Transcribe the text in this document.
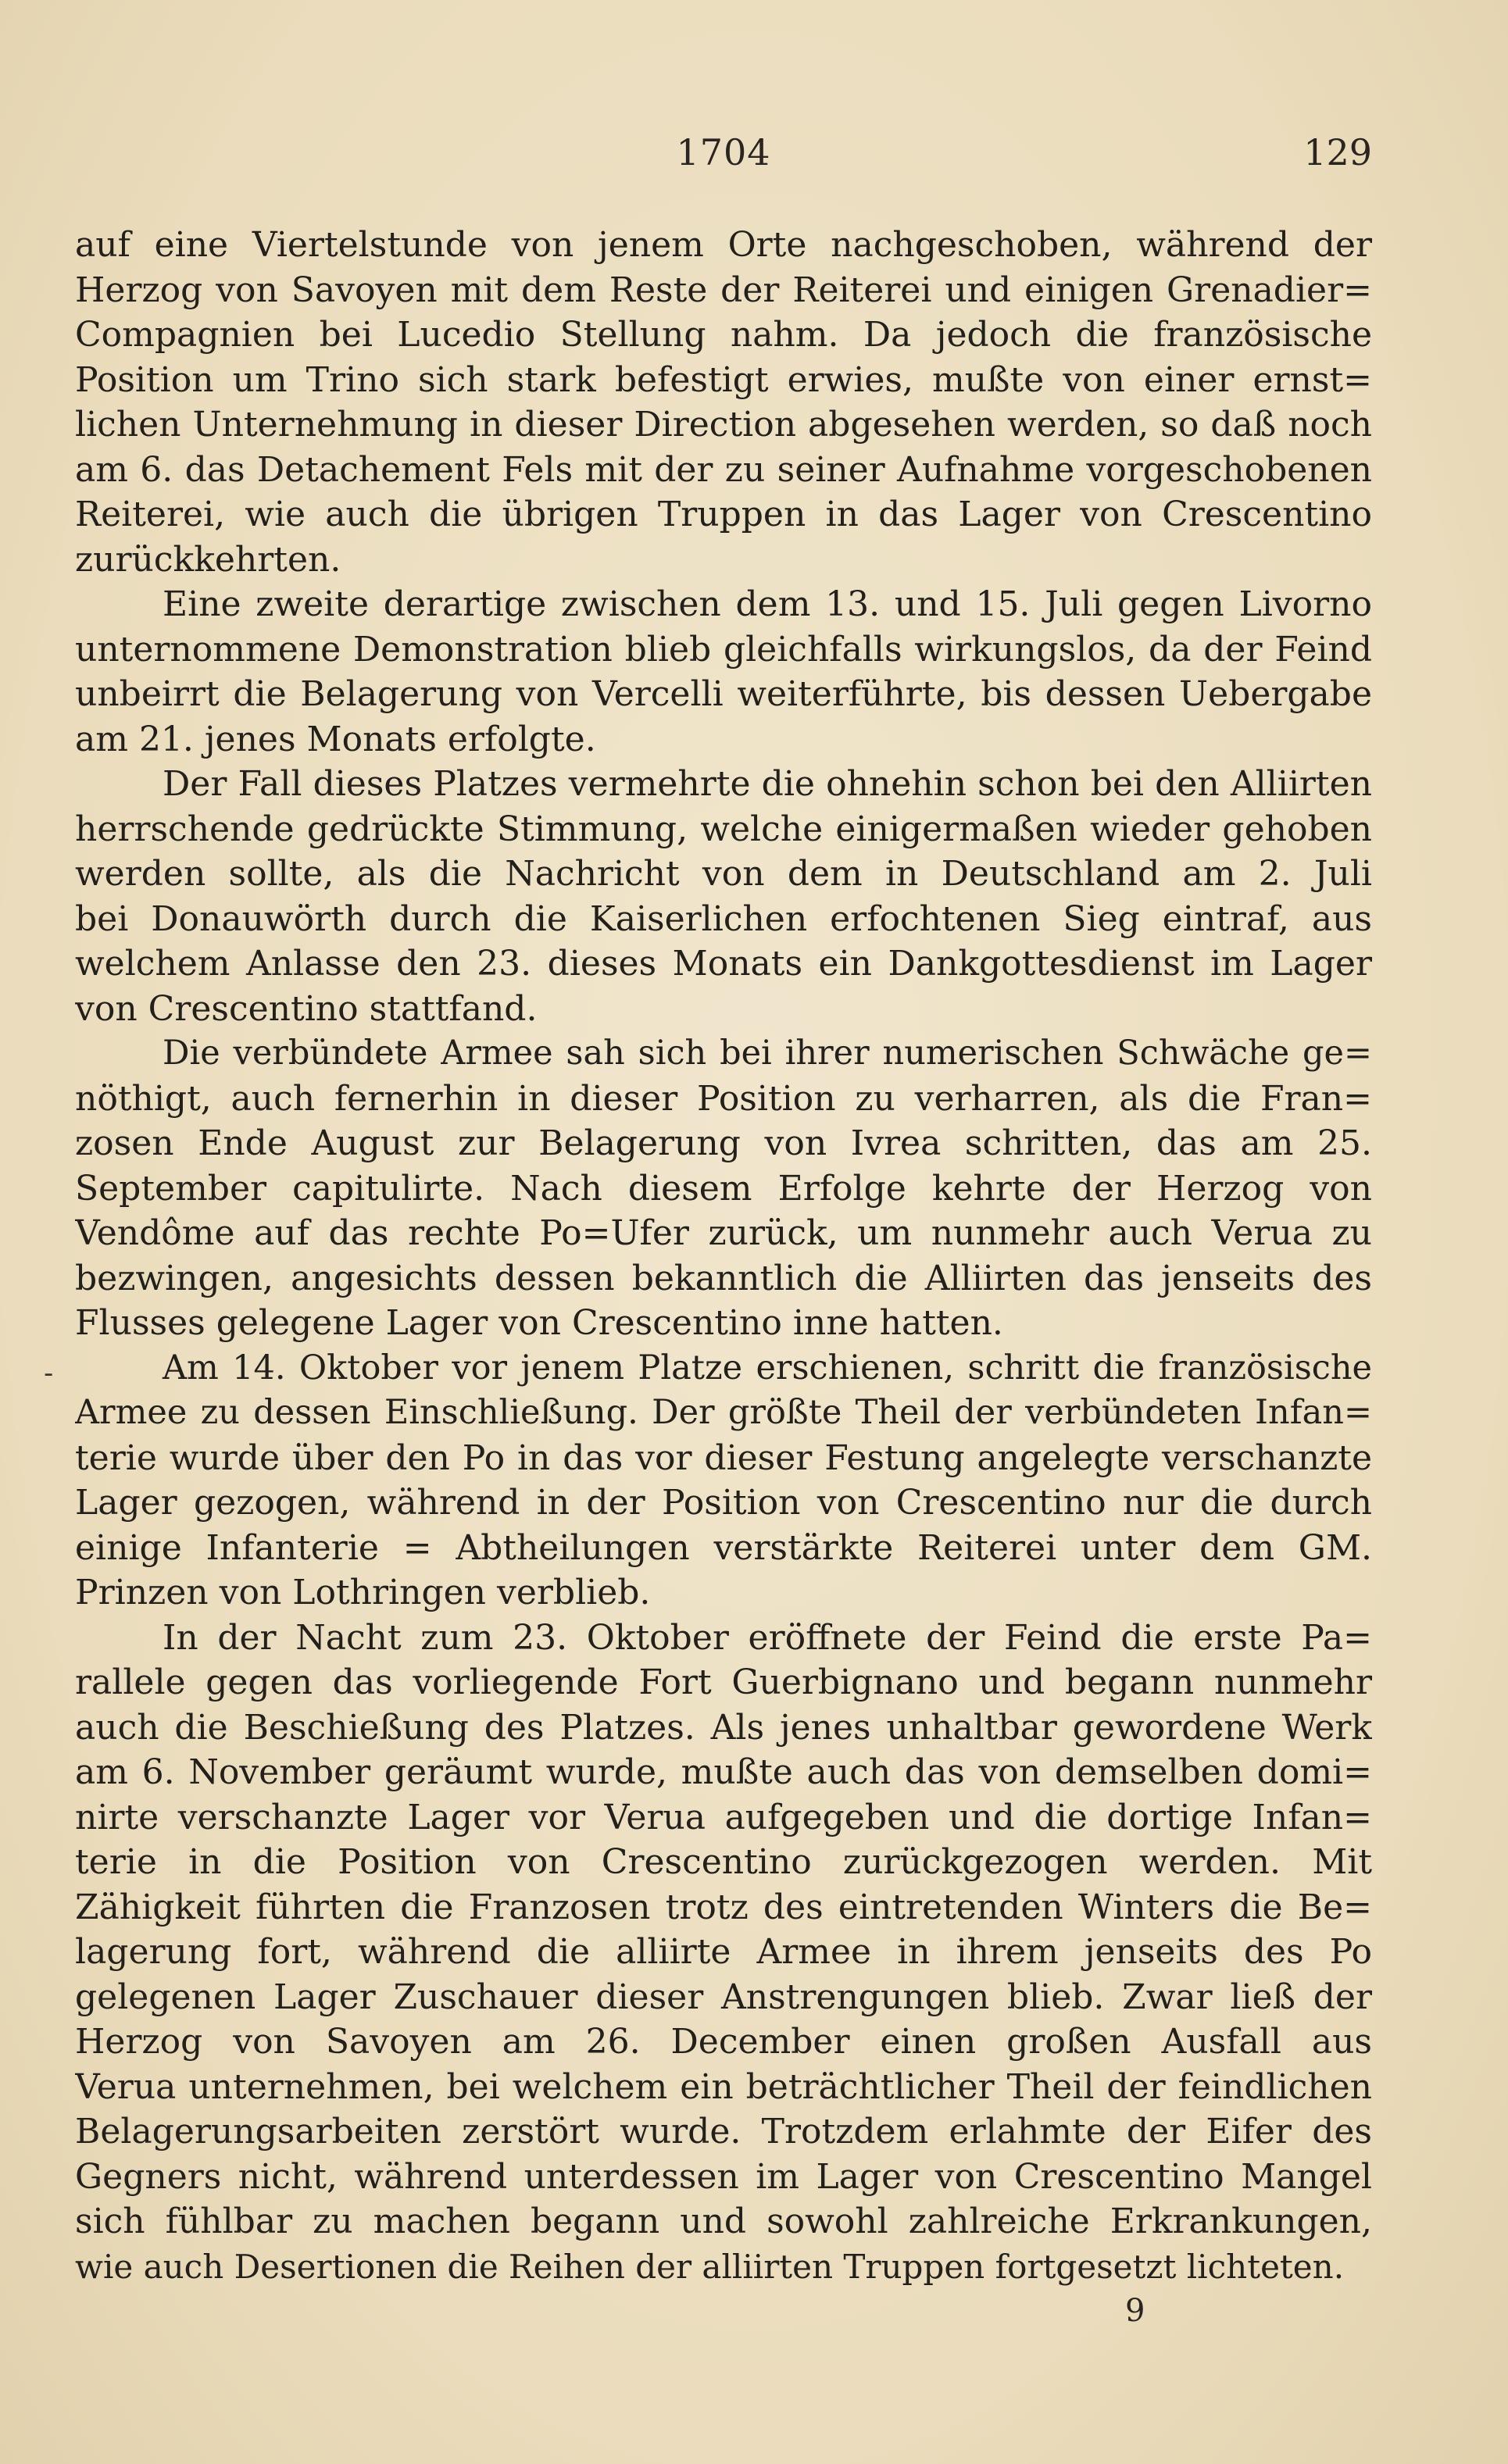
1704	129
-
auf eine Viertelstunde von jenem Orte nachgeschoben, während der
Herzog von Savoyen mit dem Reste der Reiterei und einigen Grenadier=
Compagnien bei Lucedio Stellung nahm. Da jedoch die französische
Position um Trino sich stark befestigt erwies, mußte von einer ernst=
lichen Unternehmung in dieser Direction abgesehen werden, so daß noch
am 6. das Detachement Fels mit der zu seiner Aufnahme vorgeschobenen
Reiterei, wie auch die übrigen Truppen in das Lager von Crescentino
zurückkehrten.
Eine zweite derartige zwischen dem 13. und 15. Juli gegen Livorno
unternommene Demonstration blieb gleichfalls wirkungslos, da der Feind
unbeirrt die Belagerung von Vercelli weiterführte, bis dessen Uebergabe
am 21. jenes Monats erfolgte.
Der Fall dieses Platzes vermehrte die ohnehin schon bei den Alliirten
herrschende gedrückte Stimmung, welche einigermaßen wieder gehoben
werden sollte, als die Nachricht von dem in Deutschland am 2. Juli
bei Donauwörth durch die Kaiserlichen erfochtenen Sieg eintraf, aus
welchem Anlasse den 23. dieses Monats ein Dankgottesdienst im Lager
von Crescentino stattfand.
Die verbündete Armee sah sich bei ihrer numerischen Schwäche ge=
nöthigt, auch fernerhin in dieser Position zu verharren, als die Fran=
zosen Ende August zur Belagerung von Ivrea schritten, das am 25.
September capitulirte. Nach diesem Erfolge kehrte der Herzog von
Vendôme auf das rechte Po=Ufer zurück, um nunmehr auch Verua zu
bezwingen, angesichts dessen bekanntlich die Alliirten das jenseits des
Flusses gelegene Lager von Crescentino inne hatten.
Am 14. Oktober vor jenem Platze erschienen, schritt die französische
Armee zu dessen Einschließung. Der größte Theil der verbündeten Infan=
terie wurde über den Po in das vor dieser Festung angelegte verschanzte
Lager gezogen, während in der Position von Crescentino nur die durch
einige Infanterie = Abtheilungen verstärkte Reiterei unter dem GM.
Prinzen von Lothringen verblieb.
In der Nacht zum 23. Oktober eröffnete der Feind die erste Pa=
rallele gegen das vorliegende Fort Guerbignano und begann nunmehr
auch die Beschießung des Platzes. Als jenes unhaltbar gewordene Werk
am 6. November geräumt wurde, mußte auch das von demselben domi=
nirte verschanzte Lager vor Verua aufgegeben und die dortige Infan=
terie in die Position von Crescentino zurückgezogen werden. Mit
Zähigkeit führten die Franzosen trotz des eintretenden Winters die Be=
lagerung fort, während die alliirte Armee in ihrem jenseits des Po
gelegenen Lager Zuschauer dieser Anstrengungen blieb. Zwar ließ der
Herzog von Savoyen am 26. December einen großen Ausfall aus
Verua unternehmen, bei welchem ein beträchtlicher Theil der feindlichen
Belagerungsarbeiten zerstört wurde. Trotzdem erlahmte der Eifer des
Gegners nicht, während unterdessen im Lager von Crescentino Mangel
sich fühlbar zu machen begann und sowohl zahlreiche Erkrankungen,
wie auch Desertionen die Reihen der alliirten Truppen fortgesetzt lichteten.
9
